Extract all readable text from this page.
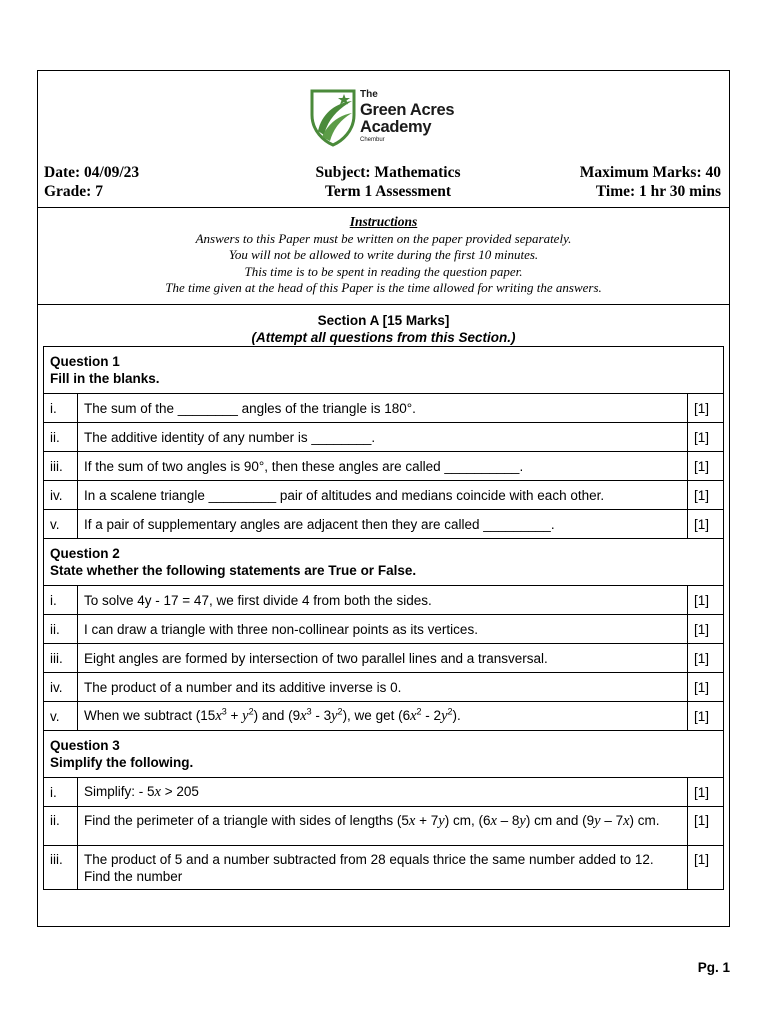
The
Green Acres
Academy
Chembur
Date: 04/09/23
Grade: 7
Subject: Mathematics
Term 1 Assessment
Maximum Marks: 40
Time: 1 hr 30 mins
Instructions
Answers to this Paper must be written on the paper provided separately.
You will not be allowed to write during the first 10 minutes.
This time is to be spent in reading the question paper.
The time given at the head of this Paper is the time allowed for writing the answers.
Section A [15 Marks]
(Attempt all questions from this Section.)
Question 1
Fill in the blanks.		

i.	The sum of the ________ angles of the triangle is 180°.	[1]
ii.	The additive identity of any number is ________.	[1]
iii.	If the sum of two angles is 90°, then these angles are called __________.	[1]
iv.	In a scalene triangle _________ pair of altitudes and medians coincide with each other.	[1]
v.	If a pair of supplementary angles are adjacent then they are called _________.	[1]

Question 2
State whether the following statements are True or False.		

i.	To solve 4y - 17 = 47, we first divide 4 from both the sides.	[1]
ii.	I can draw a triangle with three non-collinear points as its vertices.	[1]
iii.	Eight angles are formed by intersection of two parallel lines and a transversal.	[1]
iv.	The product of a number and its additive inverse is 0.	[1]
v.	When we subtract $(15x^3 + y^2)$ and $(9x^3 - 3y^2)$, we get $(6x^2 - 2y^2)$.	[1]

Question 3
Simplify the following.		

i.	Simplify: - 5x > 205	[1]
ii.	Find the perimeter of a triangle with sides of lengths (5x + 7y) cm, (6x – 8y) cm and (9y – 7x) cm.	[1]
iii.	The product of 5 and a number subtracted from 28 equals thrice the same number added to 12. Find the number	[1]
Pg. 1
